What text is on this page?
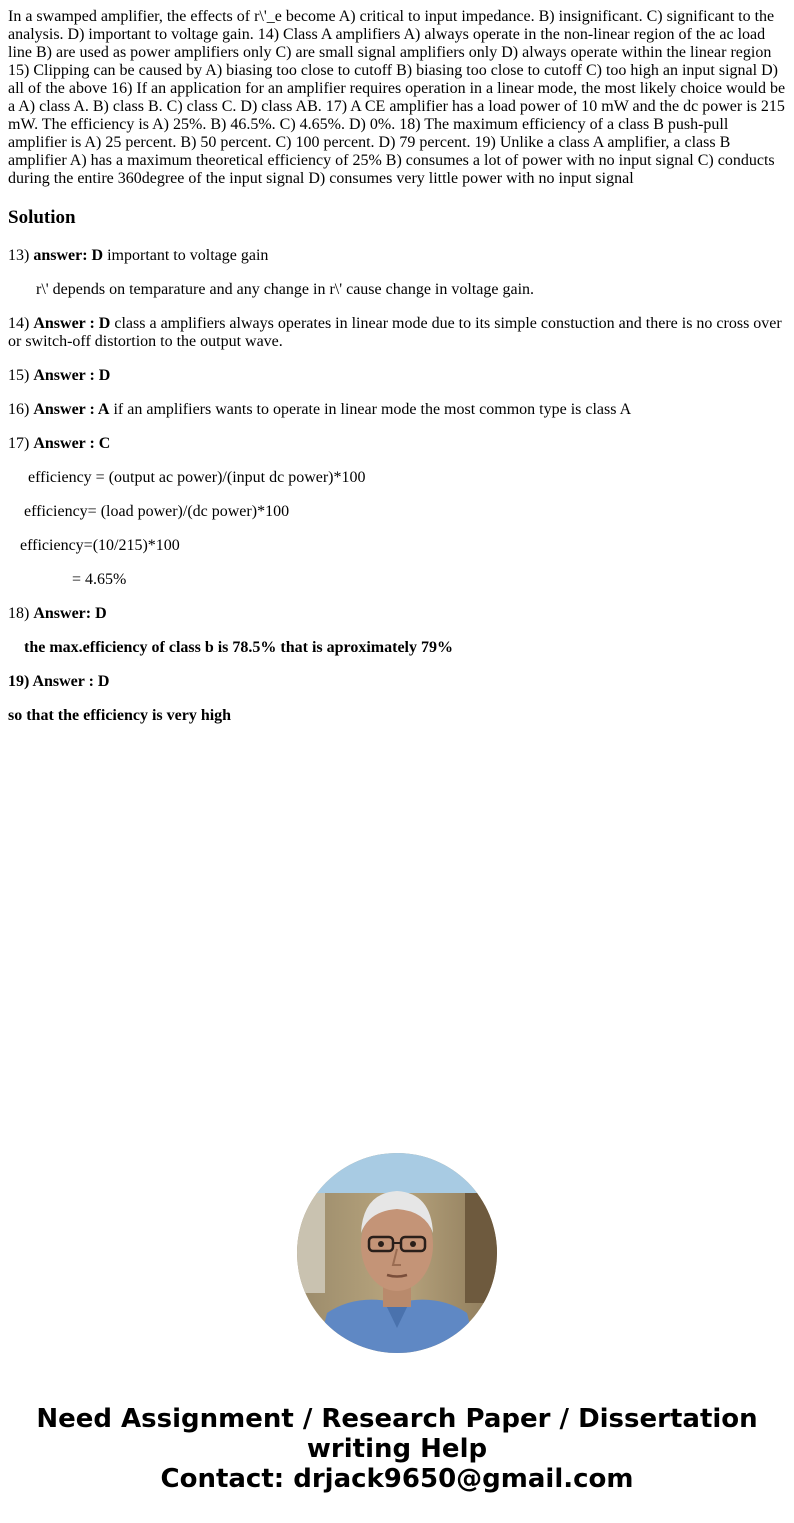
In a swamped amplifier, the effects of r\'_e become A) critical to input impedance. B) insignificant. C) significant to the analysis. D) important to voltage gain. 14) Class A amplifiers A) always operate in the non-linear region of the ac load line B) are used as power amplifiers only C) are small signal amplifiers only D) always operate within the linear region 15) Clipping can be caused by A) biasing too close to cutoff B) biasing too close to cutoff C) too high an input signal D) all of the above 16) If an application for an amplifier requires operation in a linear mode, the most likely choice would be a A) class A. B) class B. C) class C. D) class AB. 17) A CE amplifier has a load power of 10 mW and the dc power is 215 mW. The efficiency is A) 25%. B) 46.5%. C) 4.65%. D) 0%. 18) The maximum efficiency of a class B push-pull amplifier is A) 25 percent. B) 50 percent. C) 100 percent. D) 79 percent. 19) Unlike a class A amplifier, a class B amplifier A) has a maximum theoretical efficiency of 25% B) consumes a lot of power with no input signal C) conducts during the entire 360degree of the input signal D) consumes very little power with no input signal

Solution

13) answer: D important to voltage gain

r\' depends on temparature and any change in r\' cause change in voltage gain.

14) Answer : D class a amplifiers always operates in linear mode due to its simple constuction and there is no cross over or switch-off distortion to the output wave.

15) Answer : D

16) Answer : A if an amplifiers wants to operate in linear mode the most common type is class A

17) Answer : C

efficiency = (output ac power)/(input dc power)*100

efficiency= (load power)/(dc power)*100

efficiency=(10/215)*100

= 4.65%

18) Answer: D

the max.efficiency of class b is 78.5% that is aproximately 79%

19) Answer : D

so that the efficiency is very high

Need Assignment / Research Paper / Dissertation
writing Help
Contact: drjack9650@gmail.com
